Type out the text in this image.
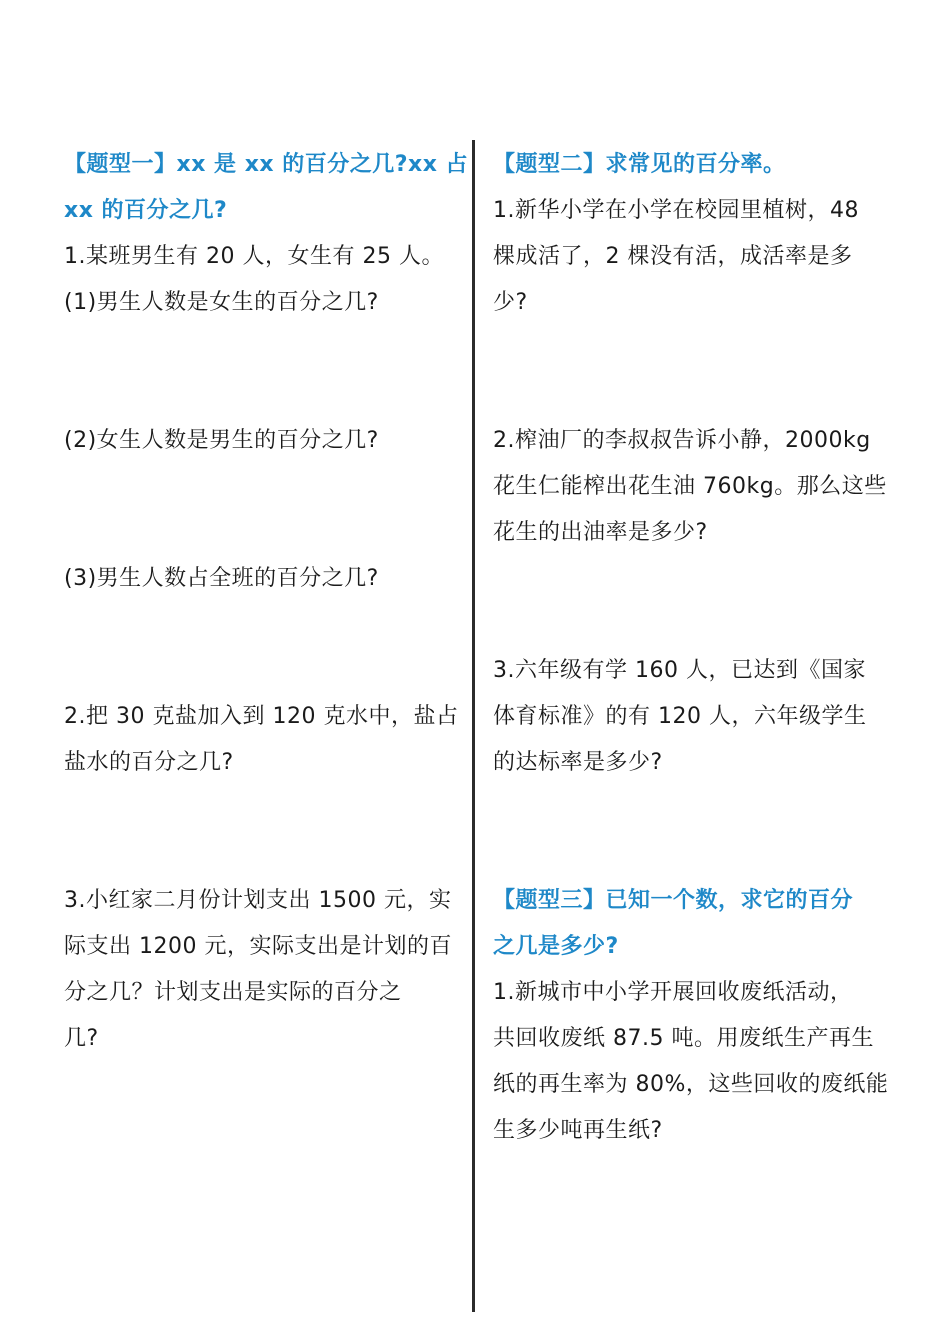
【题型一】xx 是 xx 的百分之几?xx 占
xx 的百分之几?
1.某班男生有 20 人，女生有 25 人。
(1)男生人数是女生的百分之几?
(2)女生人数是男生的百分之几?
(3)男生人数占全班的百分之几?
2.把 30 克盐加入到 120 克水中，盐占
盐水的百分之几?
3.小红家二月份计划支出 1500 元，实
际支出 1200 元，实际支出是计划的百
分之几？计划支出是实际的百分之
几?
【题型二】求常见的百分率。
1.新华小学在小学在校园里植树，48
棵成活了，2 棵没有活，成活率是多
少?
2.榨油厂的李叔叔告诉小静，2000kg
花生仁能榨出花生油 760kg。那么这些
花生的出油率是多少?
3.六年级有学 160 人，已达到《国家
体育标准》的有 120 人，六年级学生
的达标率是多少?
【题型三】已知一个数，求它的百分
之几是多少?
1.新城市中小学开展回收废纸活动，
共回收废纸 87.5 吨。用废纸生产再生
纸的再生率为 80%，这些回收的废纸能
生多少吨再生纸?
